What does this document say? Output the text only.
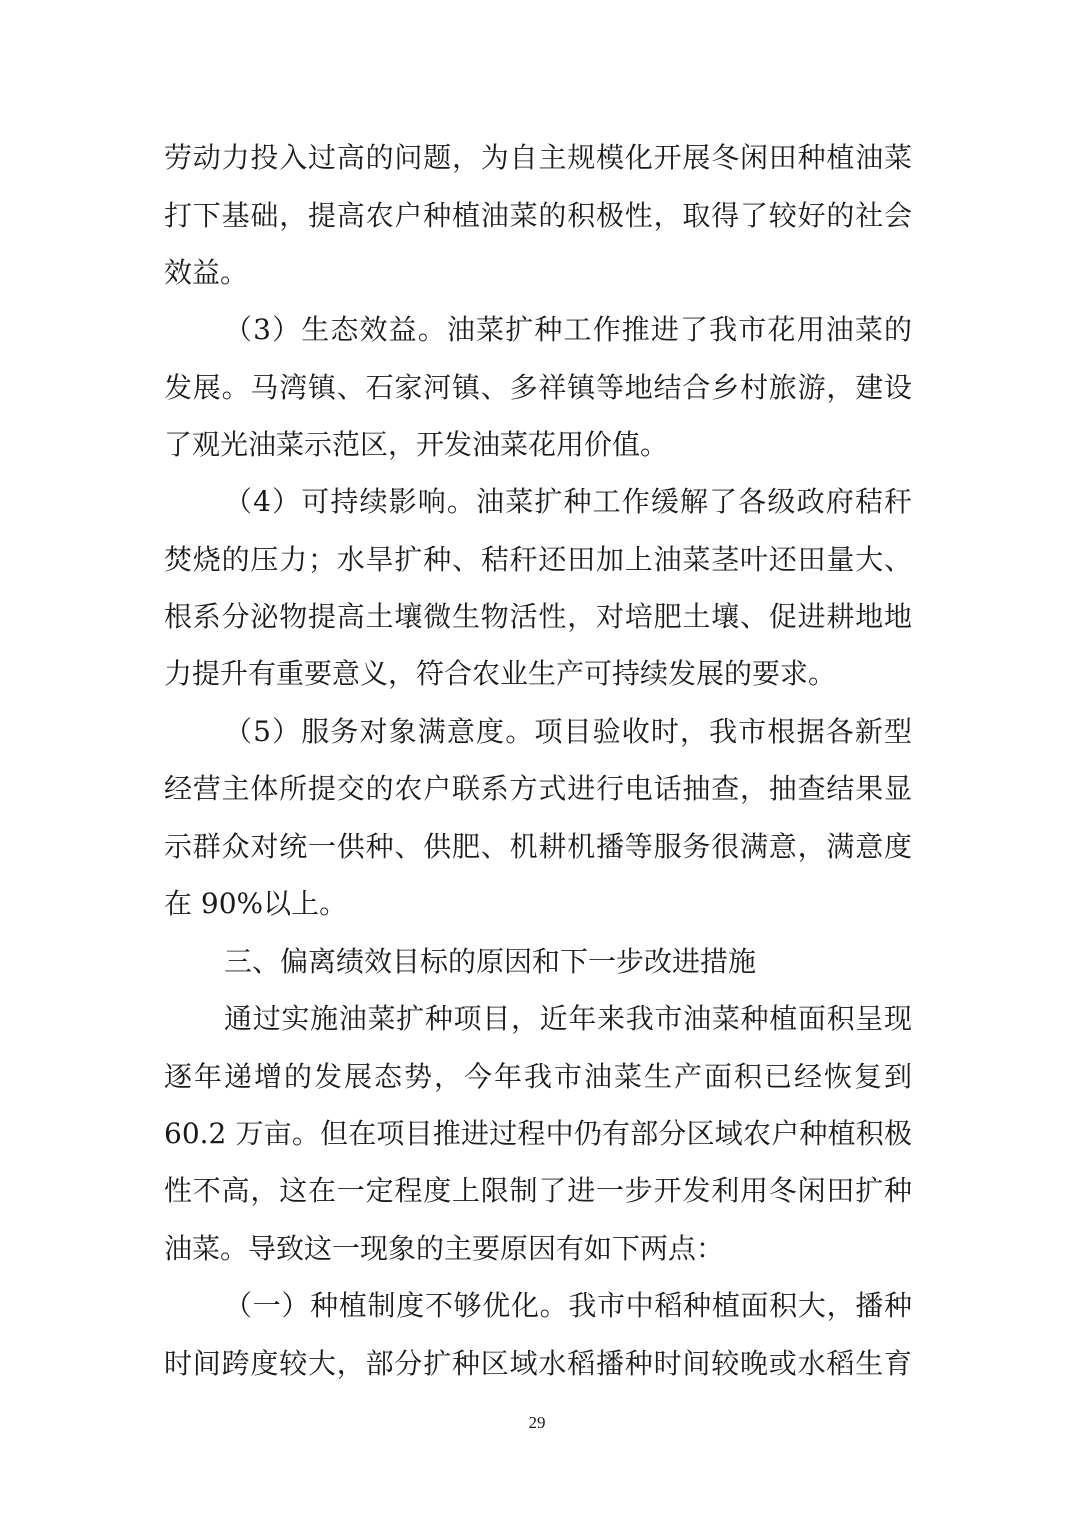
劳动力投入过高的问题，为自主规模化开展冬闲田种植油菜
打下基础，提高农户种植油菜的积极性，取得了较好的社会
效益。
（3）生态效益。油菜扩种工作推进了我市花用油菜的
发展。马湾镇、石家河镇、多祥镇等地结合乡村旅游，建设
了观光油菜示范区，开发油菜花用价值。
（4）可持续影响。油菜扩种工作缓解了各级政府秸秆
焚烧的压力；水旱扩种、秸秆还田加上油菜茎叶还田量大、
根系分泌物提高土壤微生物活性，对培肥土壤、促进耕地地
力提升有重要意义，符合农业生产可持续发展的要求。
（5）服务对象满意度。项目验收时，我市根据各新型
经营主体所提交的农户联系方式进行电话抽查，抽查结果显
示群众对统一供种、供肥、机耕机播等服务很满意，满意度
在 90%以上。
三、偏离绩效目标的原因和下一步改进措施
通过实施油菜扩种项目，近年来我市油菜种植面积呈现
逐年递增的发展态势，今年我市油菜生产面积已经恢复到
60.2 万亩。但在项目推进过程中仍有部分区域农户种植积极
性不高，这在一定程度上限制了进一步开发利用冬闲田扩种
油菜。导致这一现象的主要原因有如下两点：
（一）种植制度不够优化。我市中稻种植面积大，播种
时间跨度较大，部分扩种区域水稻播种时间较晚或水稻生育
29
